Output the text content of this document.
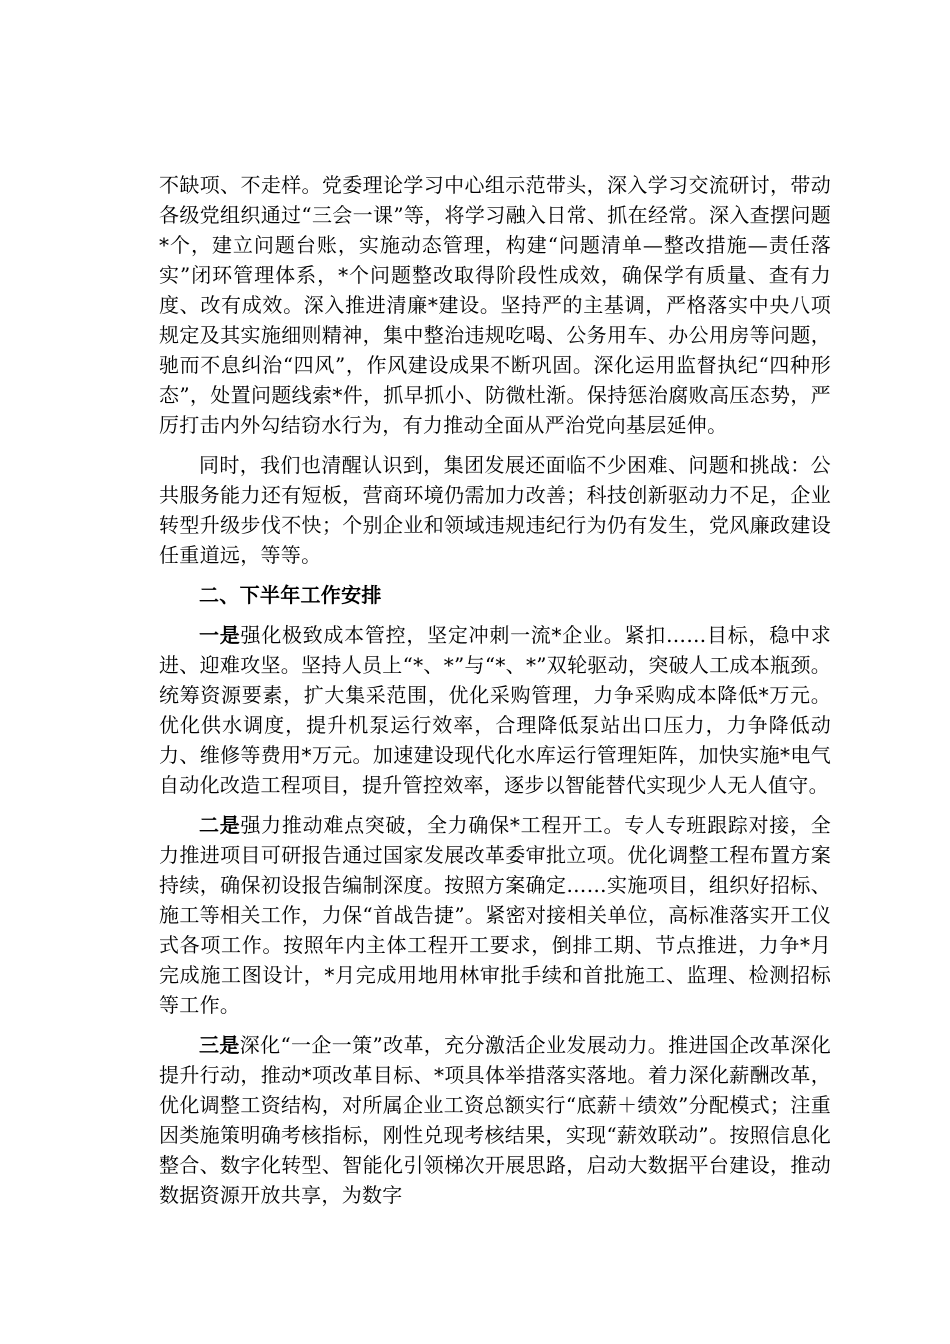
不缺项、不走样。党委理论学习中心组示范带头，深入学习交流研讨，带动各级党组织通过“三会一课”等，将学习融入日常、抓在经常。深入查摆问题*个，建立问题台账，实施动态管理，构建“问题清单—整改措施—责任落实”闭环管理体系，*个问题整改取得阶段性成效，确保学有质量、查有力度、改有成效。深入推进清廉*建设。坚持严的主基调，严格落实中央八项规定及其实施细则精神，集中整治违规吃喝、公务用车、办公用房等问题，驰而不息纠治“四风”，作风建设成果不断巩固。深化运用监督执纪“四种形态”，处置问题线索*件，抓早抓小、防微杜渐。保持惩治腐败高压态势，严厉打击内外勾结窃水行为，有力推动全面从严治党向基层延伸。

同时，我们也清醒认识到，集团发展还面临不少困难、问题和挑战：公共服务能力还有短板，营商环境仍需加力改善；科技创新驱动力不足，企业转型升级步伐不快；个别企业和领域违规违纪行为仍有发生，党风廉政建设任重道远，等等。

二、下半年工作安排

一是强化极致成本管控，坚定冲刺一流*企业。紧扣……目标，稳中求进、迎难攻坚。坚持人员上“*、*”与“*、*”双轮驱动，突破人工成本瓶颈。统筹资源要素，扩大集采范围，优化采购管理，力争采购成本降低*万元。优化供水调度，提升机泵运行效率，合理降低泵站出口压力，力争降低动力、维修等费用*万元。加速建设现代化水库运行管理矩阵，加快实施*电气自动化改造工程项目，提升管控效率，逐步以智能替代实现少人无人值守。

二是强力推动难点突破，全力确保*工程开工。专人专班跟踪对接，全力推进项目可研报告通过国家发展改革委审批立项。优化调整工程布置方案持续，确保初设报告编制深度。按照方案确定……实施项目，组织好招标、施工等相关工作，力保“首战告捷”。紧密对接相关单位，高标准落实开工仪式各项工作。按照年内主体工程开工要求，倒排工期、节点推进，力争*月完成施工图设计，*月完成用地用林审批手续和首批施工、监理、检测招标等工作。

三是深化“一企一策”改革，充分激活企业发展动力。推进国企改革深化提升行动，推动*项改革目标、*项具体举措落实落地。着力深化薪酬改革，优化调整工资结构，对所属企业工资总额实行“底薪＋绩效”分配模式；注重因类施策明确考核指标，刚性兑现考核结果，实现“薪效联动”。按照信息化整合、数字化转型、智能化引领梯次开展思路，启动大数据平台建设，推动数据资源开放共享，为数字
